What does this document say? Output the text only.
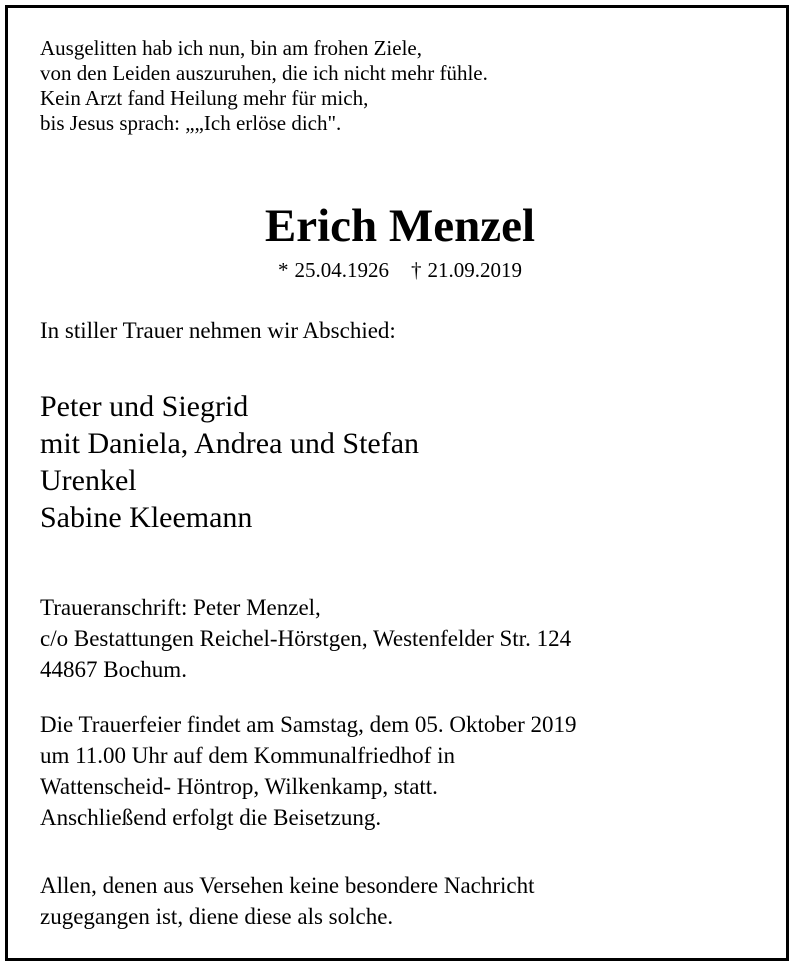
Ausgelitten hab ich nun, bin am frohen Ziele,
von den Leiden auszuruhen, die ich nicht mehr fühle.
Kein Arzt fand Heilung mehr für mich,
bis Jesus sprach: „„Ich erlöse dich".

Erich Menzel

* 25.04.1926 † 21.09.2019

In stiller Trauer nehmen wir Abschied:

Peter und Siegrid
mit Daniela, Andrea und Stefan
Urenkel
Sabine Kleemann

Traueranschrift: Peter Menzel,
c/o Bestattungen Reichel-Hörstgen, Westenfelder Str. 124
44867 Bochum.

Die Trauerfeier findet am Samstag, dem 05. Oktober 2019
um 11.00 Uhr auf dem Kommunalfriedhof in
Wattenscheid- Höntrop, Wilkenkamp, statt.
Anschließend erfolgt die Beisetzung.

Allen, denen aus Versehen keine besondere Nachricht
zugegangen ist, diene diese als solche.
